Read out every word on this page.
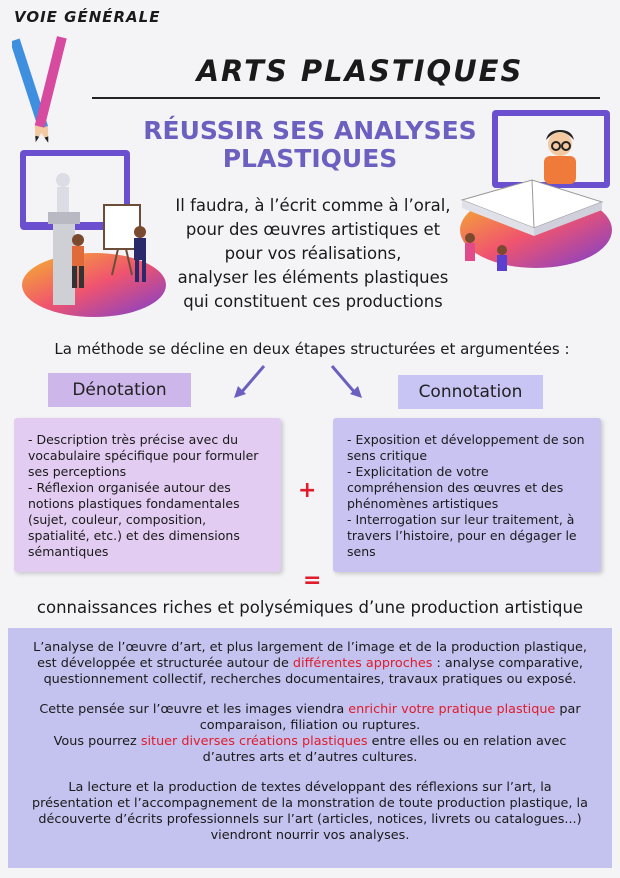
VOIE GÉNÉRALE
ARTS PLASTIQUES
RÉUSSIR SES ANALYSES PLASTIQUES
Il faudra, à l’écrit comme à l’oral,
pour des œuvres artistiques et
pour vos réalisations,
analyser les éléments plastiques
qui constituent ces productions
La méthode se décline en deux étapes structurées et argumentées :
Dénotation	Connotation

- Description très précise avec du vocabulaire spécifique pour formuler ses perceptions

- Réflexion organisée autour des notions plastiques fondamentales (sujet, couleur, composition, spatialité, etc.) et des dimensions sémantiques

+

- Exposition et développement de son sens critique

- Explicitation de votre compréhension des œuvres et des phénomènes artistiques

- Interrogation sur leur traitement, à travers l’histoire, pour en dégager le sens

=
connaissances riches et polysémiques d’une production artistique

L’analyse de l’œuvre d’art, et plus largement de l’image et de la production plastique, est développée et structurée autour de différentes approches : analyse comparative, questionnement collectif, recherches documentaires, travaux pratiques ou exposé.

Cette pensée sur l’œuvre et les images viendra enrichir votre pratique plastique par comparaison, filiation ou ruptures.

Vous pourrez situer diverses créations plastiques entre elles ou en relation avec d’autres arts et d’autres cultures.

La lecture et la production de textes développant des réflexions sur l’art, la présentation et l’accompagnement de la monstration de toute production plastique, la découverte d’écrits professionnels sur l’art (articles, notices, livrets ou catalogues...) viendront nourrir vos analyses.
